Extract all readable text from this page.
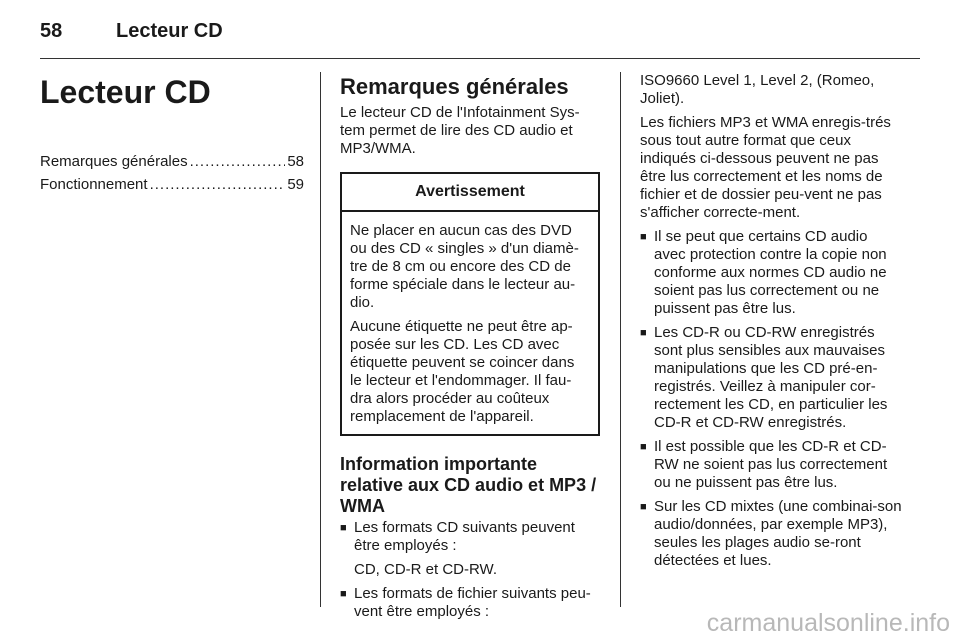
58	Lecteur CD
Lecteur CD
Remarques générales .....	58
Fonctionnement .....	59
Remarques générales

Le lecteur CD de l'Infotainment Sys-tem permet de lire des CD audio et MP3/WMA.

Avertissement

Ne placer en aucun cas des DVD ou des CD « singles » d'un diamè-tre de 8 cm ou encore des CD de forme spéciale dans le lecteur au-dio.

Aucune étiquette ne peut être ap-posée sur les CD. Les CD avec étiquette peuvent se coincer dans le lecteur et l'endommager. Il fau-dra alors procéder au coûteux remplacement de l'appareil.

Information importante relative aux CD audio et MP3 / WMA
■ Les formats CD suivants peuvent être employés :

CD, CD-R et CD-RW.

■ Les formats de fichier suivants peu-vent être employés :

ISO9660 Level 1, Level 2, (Romeo, Joliet).

Les fichiers MP3 et WMA enregis-trés sous tout autre format que ceux indiqués ci-dessous peuvent ne pas être lus correctement et les noms de fichier et de dossier peu-vent ne pas s'afficher correcte-ment.

■ Il se peut que certains CD audio avec protection contre la copie non conforme aux normes CD audio ne soient pas lus correctement ou ne puissent pas être lus.
■ Les CD-R ou CD-RW enregistrés sont plus sensibles aux mauvaises manipulations que les CD pré-en-registrés. Veillez à manipuler cor-rectement les CD, en particulier les CD-R et CD-RW enregistrés.
■ Il est possible que les CD-R et CD-RW ne soient pas lus correctement ou ne puissent pas être lus.
■ Sur les CD mixtes (une combinai-son audio/données, par exemple MP3), seules les plages audio se-ront détectées et lues.
carmanualsonline.info
